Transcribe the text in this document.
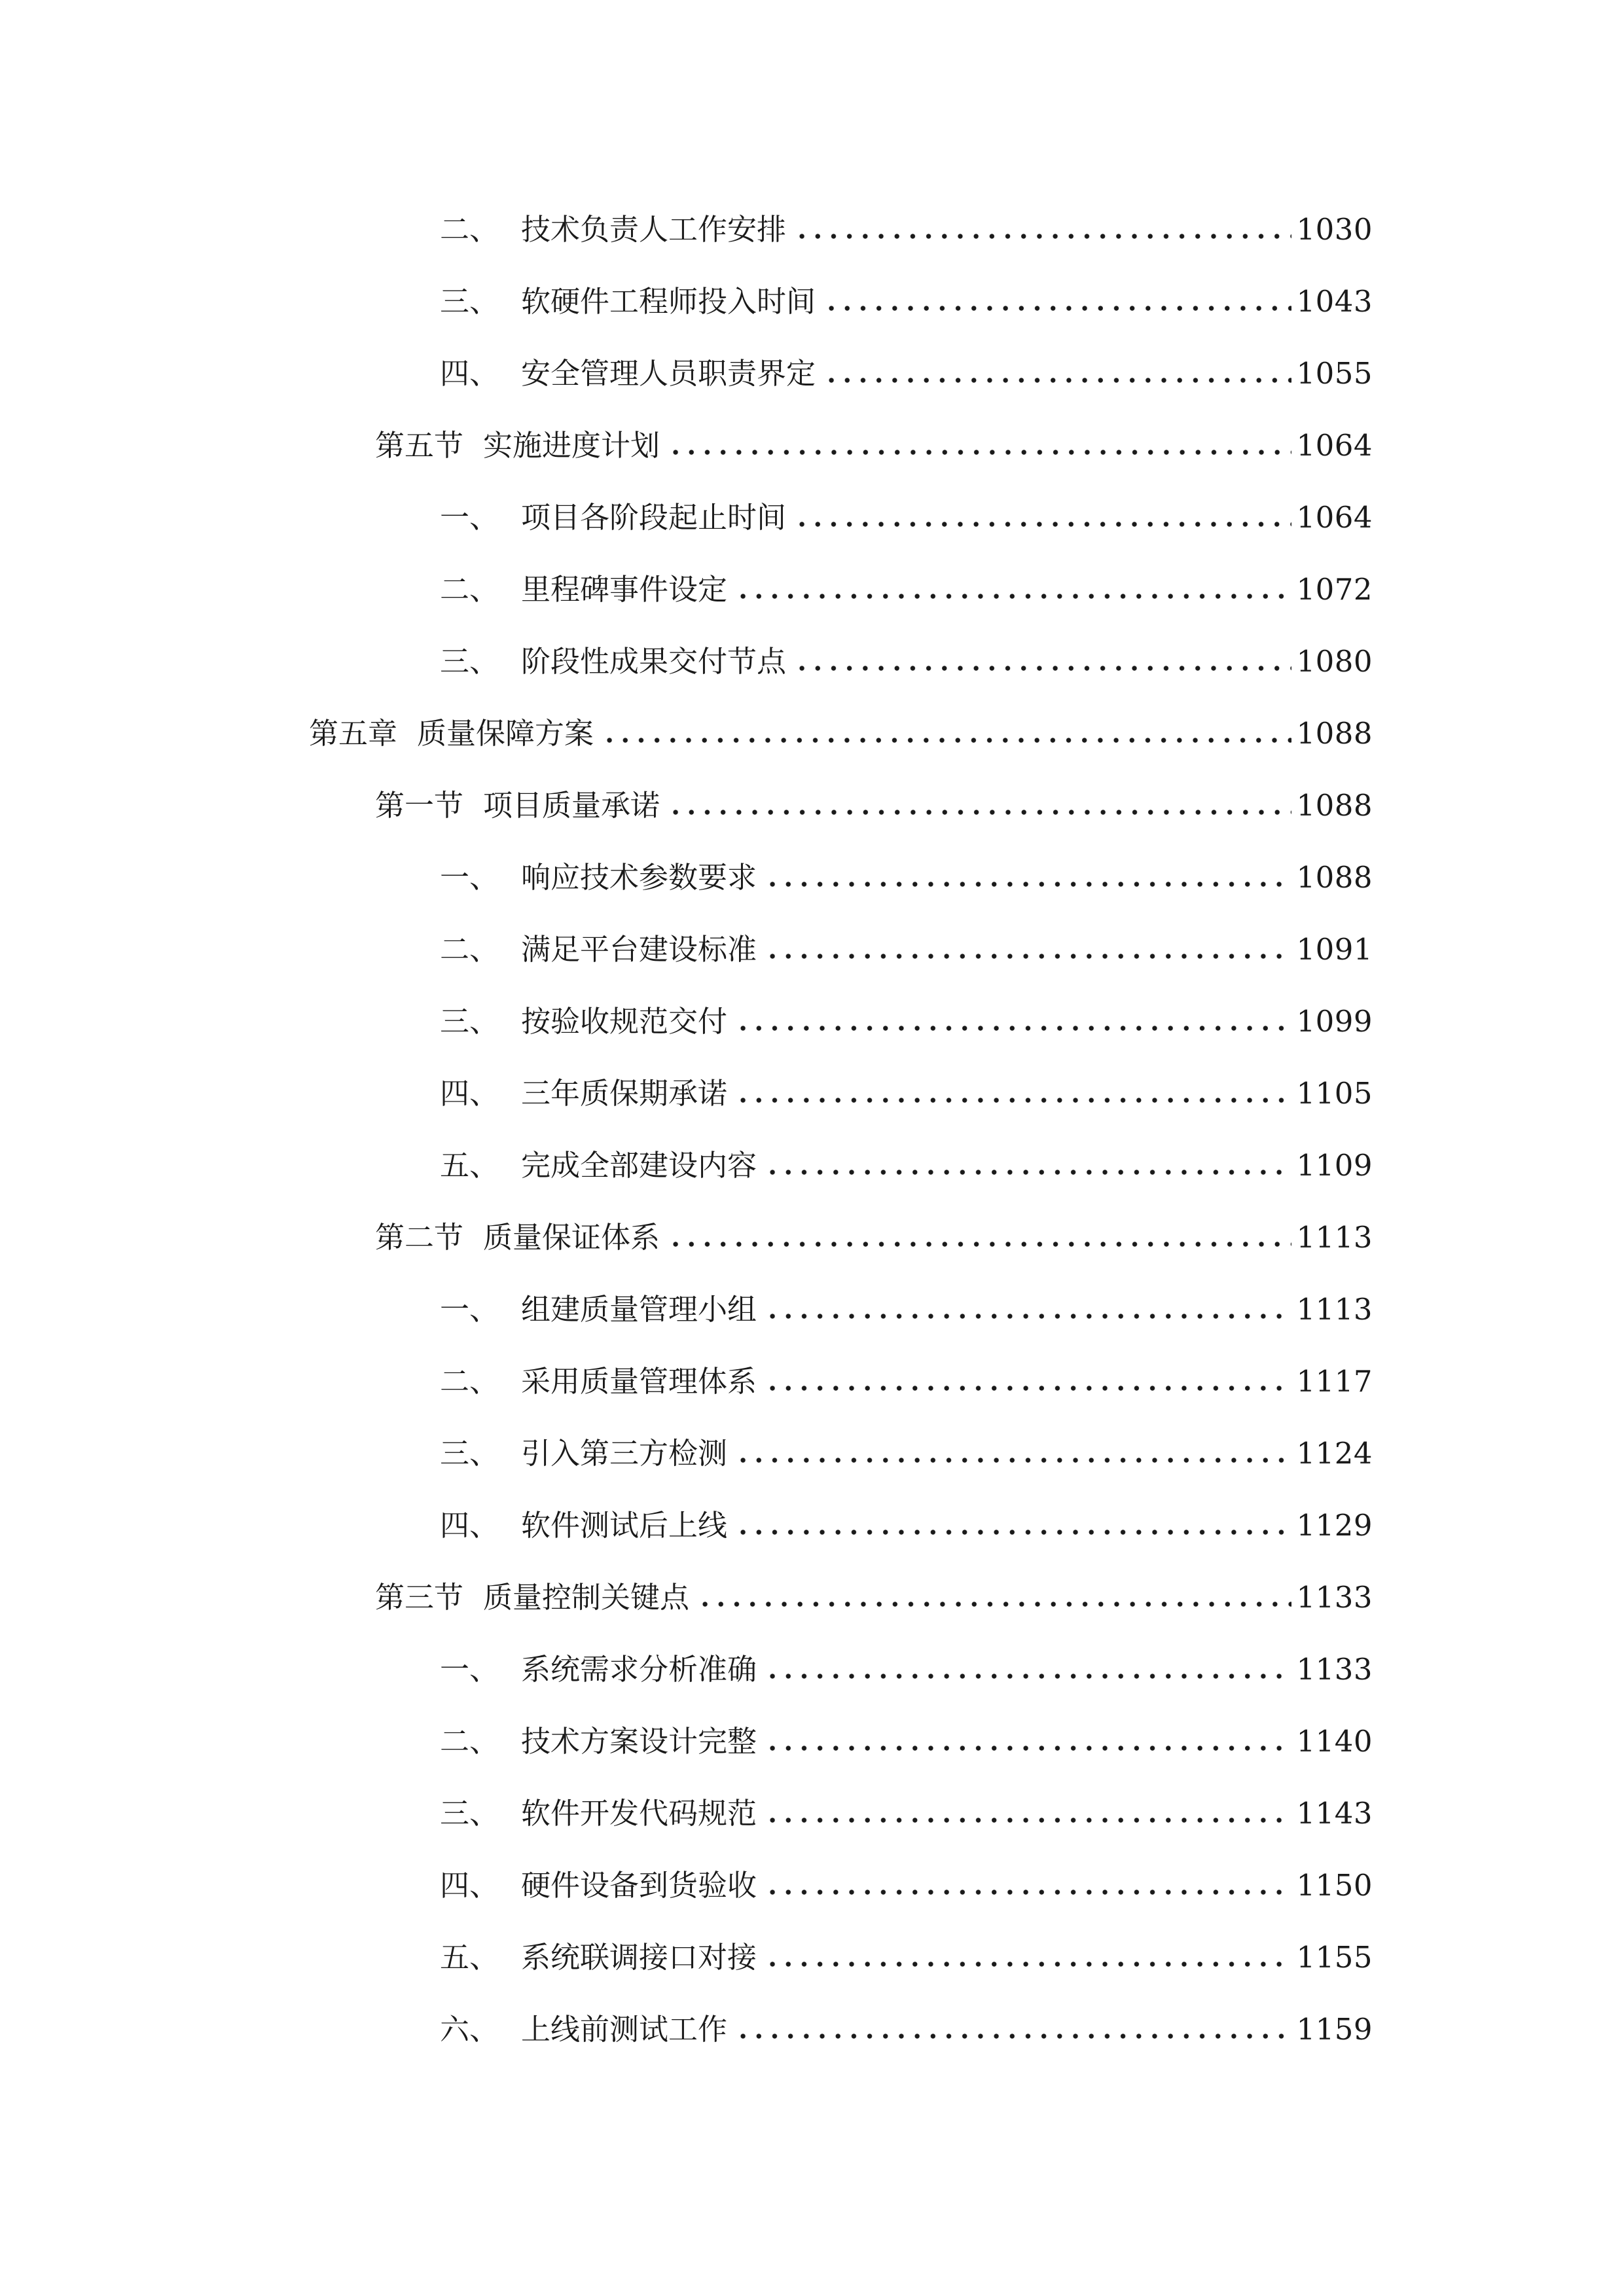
二、 技术负责人工作安排	1030
三、 软硬件工程师投入时间	1043
四、 安全管理人员职责界定	1055
第五节 实施进度计划	1064
一、 项目各阶段起止时间	1064
二、 里程碑事件设定	1072
三、 阶段性成果交付节点	1080
第五章 质量保障方案	1088
第一节 项目质量承诺	1088
一、 响应技术参数要求	1088
二、 满足平台建设标准	1091
三、 按验收规范交付	1099
四、 三年质保期承诺	1105
五、 完成全部建设内容	1109
第二节 质量保证体系	1113
一、 组建质量管理小组	1113
二、 采用质量管理体系	1117
三、 引入第三方检测	1124
四、 软件测试后上线	1129
第三节 质量控制关键点	1133
一、 系统需求分析准确	1133
二、 技术方案设计完整	1140
三、 软件开发代码规范	1143
四、 硬件设备到货验收	1150
五、 系统联调接口对接	1155
六、 上线前测试工作	1159
